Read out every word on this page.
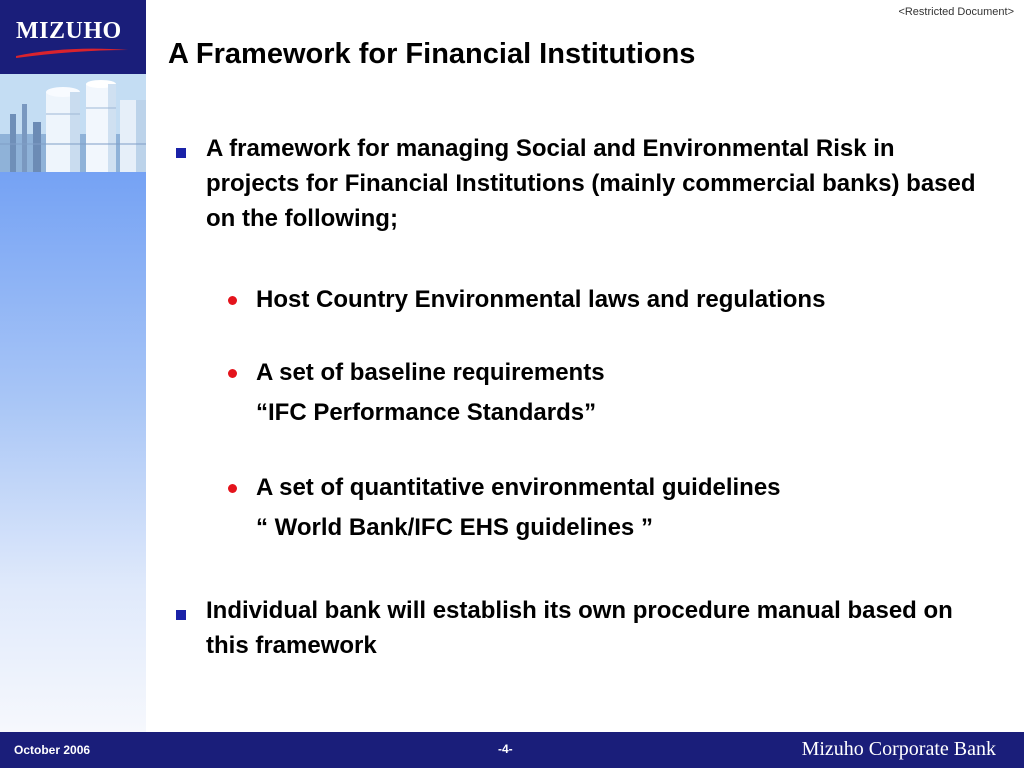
MIZUHO
<Restricted Document>
A Framework for Financial Institutions
A framework for managing Social and Environmental Risk in projects for Financial Institutions (mainly commercial banks) based on the following;
Host Country Environmental laws and regulations
A set of baseline requirements
“IFC Performance Standards”
A set of quantitative environmental guidelines
“ World Bank/IFC EHS guidelines ”
Individual bank will establish its own procedure manual based on this framework
October 2006	-4-	Mizuho Corporate Bank
